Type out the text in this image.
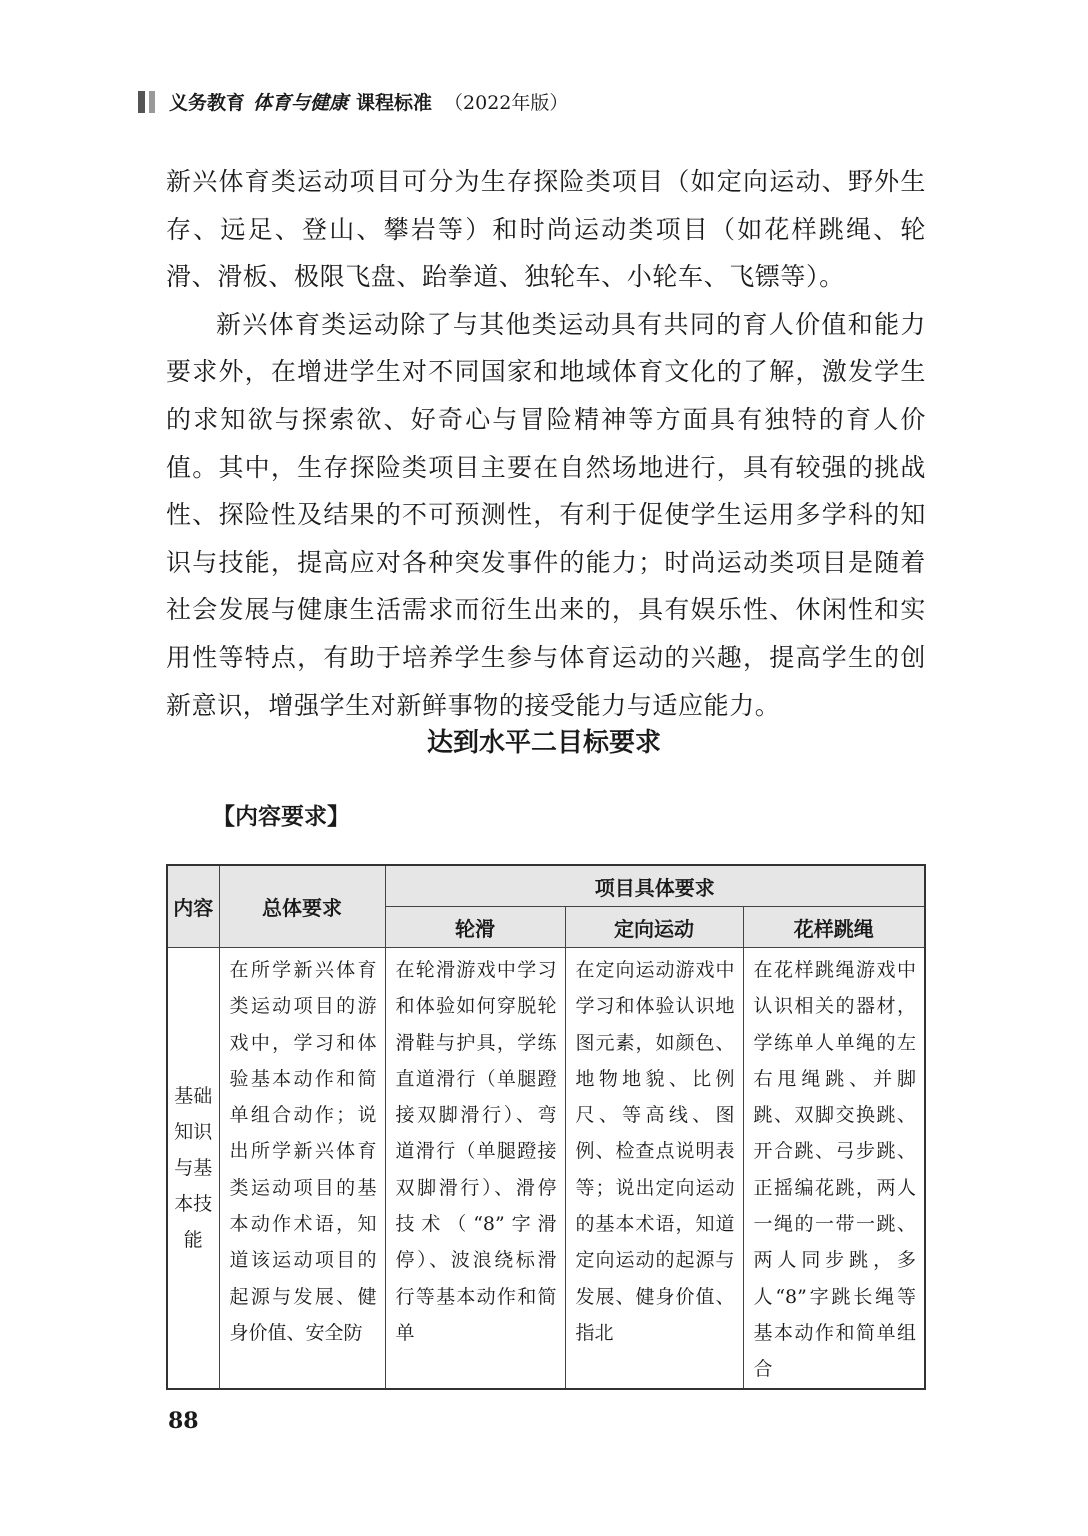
义务教育 体育与健康 课程标准 （2022年版）

新兴体育类运动项目可分为生存探险类项目（如定向运动、野外生存、远足、登山、攀岩等）和时尚运动类项目（如花样跳绳、轮滑、滑板、极限飞盘、跆拳道、独轮车、小轮车、飞镖等）。

新兴体育类运动除了与其他类运动具有共同的育人价值和能力要求外，在增进学生对不同国家和地域体育文化的了解，激发学生的求知欲与探索欲、好奇心与冒险精神等方面具有独特的育人价值。其中，生存探险类项目主要在自然场地进行，具有较强的挑战性、探险性及结果的不可预测性，有利于促使学生运用多学科的知识与技能，提高应对各种突发事件的能力；时尚运动类项目是随着社会发展与健康生活需求而衍生出来的，具有娱乐性、休闲性和实用性等特点，有助于培养学生参与体育运动的兴趣，提高学生的创新意识，增强学生对新鲜事物的接受能力与适应能力。

达到水平二目标要求
【内容要求】
内容	总体要求	项目具体要求		
		轮滑	定向运动	花样跳绳
基础知识与基本技能	在所学新兴体育类运动项目的游戏中，学习和体验基本动作和简单组合动作；说出所学新兴体育类运动项目的基本动作术语，知道该运动项目的起源与发展、健身价值、安全防	在轮滑游戏中学习和体验如何穿脱轮滑鞋与护具，学练直道滑行（单腿蹬接双脚滑行）、弯道滑行（单腿蹬接双脚滑行）、滑停技术（“8”字滑停）、波浪绕标滑行等基本动作和简单	在定向运动游戏中学习和体验认识地图元素，如颜色、地物地貌、比例尺、等高线、图例、检查点说明表等；说出定向运动的基本术语，知道定向运动的起源与发展、健身价值、指北	在花样跳绳游戏中认识相关的器材，学练单人单绳的左右甩绳跳、并脚跳、双脚交换跳、开合跳、弓步跳、正摇编花跳，两人一绳的一带一跳、两人同步跳，多人“8”字跳长绳等基本动作和简单组合
88
